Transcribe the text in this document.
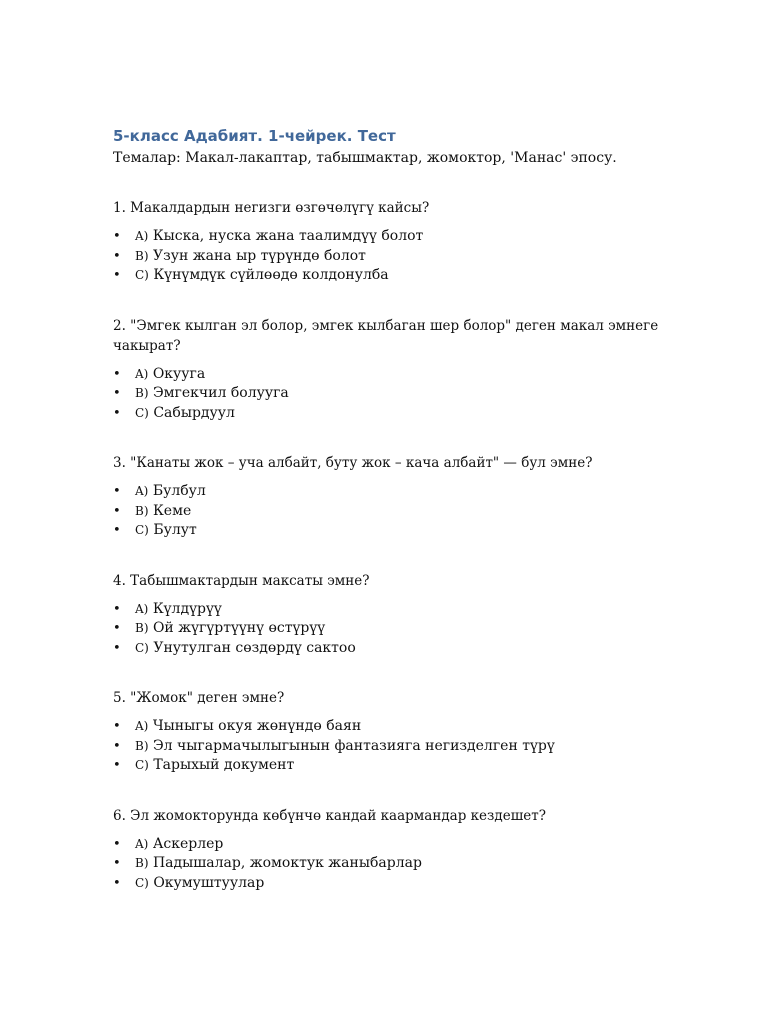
5-класс Адабият. 1-чейрек. Тест

Темалар: Макал-лакаптар, табышмактар, жомоктор, 'Манас' эпосу.

1. Макалдардын негизги өзгөчөлүгү кайсы?

• A) Кыска, нуска жана таалимдүү болот
• B) Узун жана ыр түрүндө болот
• C) Күнүмдүк сүйлөөдө колдонулба

2. "Эмгек кылган эл болор, эмгек кылбаган шер болор" деген макал эмнеге чакырат?

• A) Окууга
• B) Эмгекчил болууга
• C) Сабырдуул

3. "Канаты жок – уча албайт, буту жок – кача албайт" — бул эмне?

• A) Булбул
• B) Кеме
• C) Булут

4. Табышмактардын максаты эмне?

• A) Күлдүрүү
• B) Ой жүгүртүүнү өстүрүү
• C) Унутулган сөздөрдү сактоо

5. "Жомок" деген эмне?

• A) Чыныгы окуя жөнүндө баян
• B) Эл чыгармачылыгынын фантазияга негизделген түрү
• C) Тарыхый документ

6. Эл жомокторунда көбүнчө кандай каармандар кездешет?

• A) Аскерлер
• B) Падышалар, жомоктук жаныбарлар
• C) Окумуштуулар
